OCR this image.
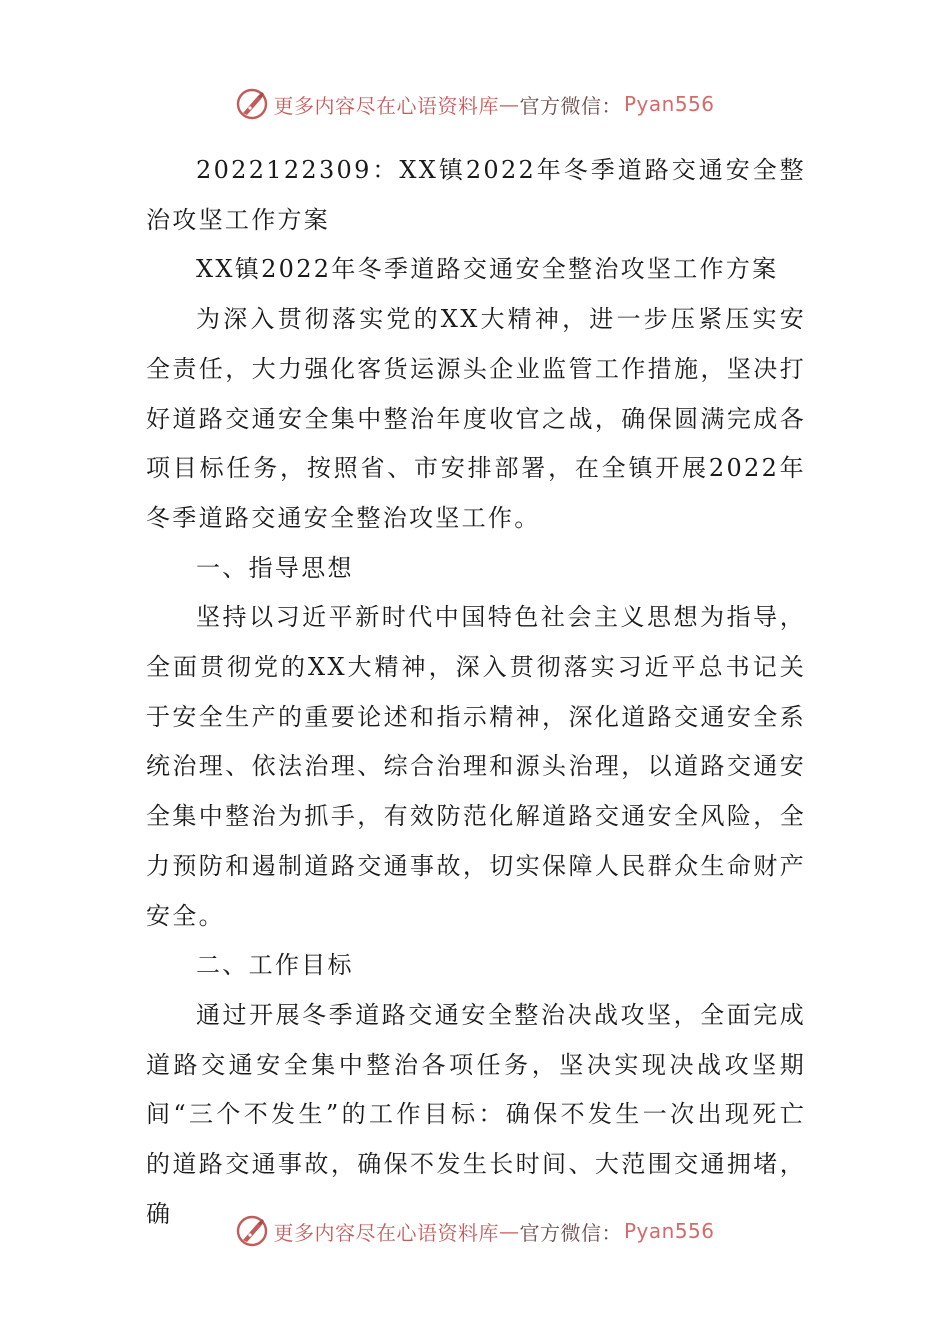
更多内容尽在心语资料库 — 官方微信： Pyan556

2022122309：XX镇2022年冬季道路交通安全整治攻坚工作方案

XX镇2022年冬季道路交通安全整治攻坚工作方案

为深入贯彻落实党的XX大精神，进一步压紧压实安全责任，大力强化客货运源头企业监管工作措施，坚决打好道路交通安全集中整治年度收官之战，确保圆满完成各项目标任务，按照省、市安排部署，在全镇开展2022年冬季道路交通安全整治攻坚工作。

一、指导思想

坚持以习近平新时代中国特色社会主义思想为指导，全面贯彻党的XX大精神，深入贯彻落实习近平总书记关于安全生产的重要论述和指示精神，深化道路交通安全系统治理、依法治理、综合治理和源头治理，以道路交通安全集中整治为抓手，有效防范化解道路交通安全风险，全力预防和遏制道路交通事故，切实保障人民群众生命财产安全。

二、工作目标

通过开展冬季道路交通安全整治决战攻坚，全面完成道路交通安全集中整治各项任务，坚决实现决战攻坚期间“三个不发生”的工作目标：确保不发生一次出现死亡的道路交通事故，确保不发生长时间、大范围交通拥堵，确

更多内容尽在心语资料库 — 官方微信： Pyan556
